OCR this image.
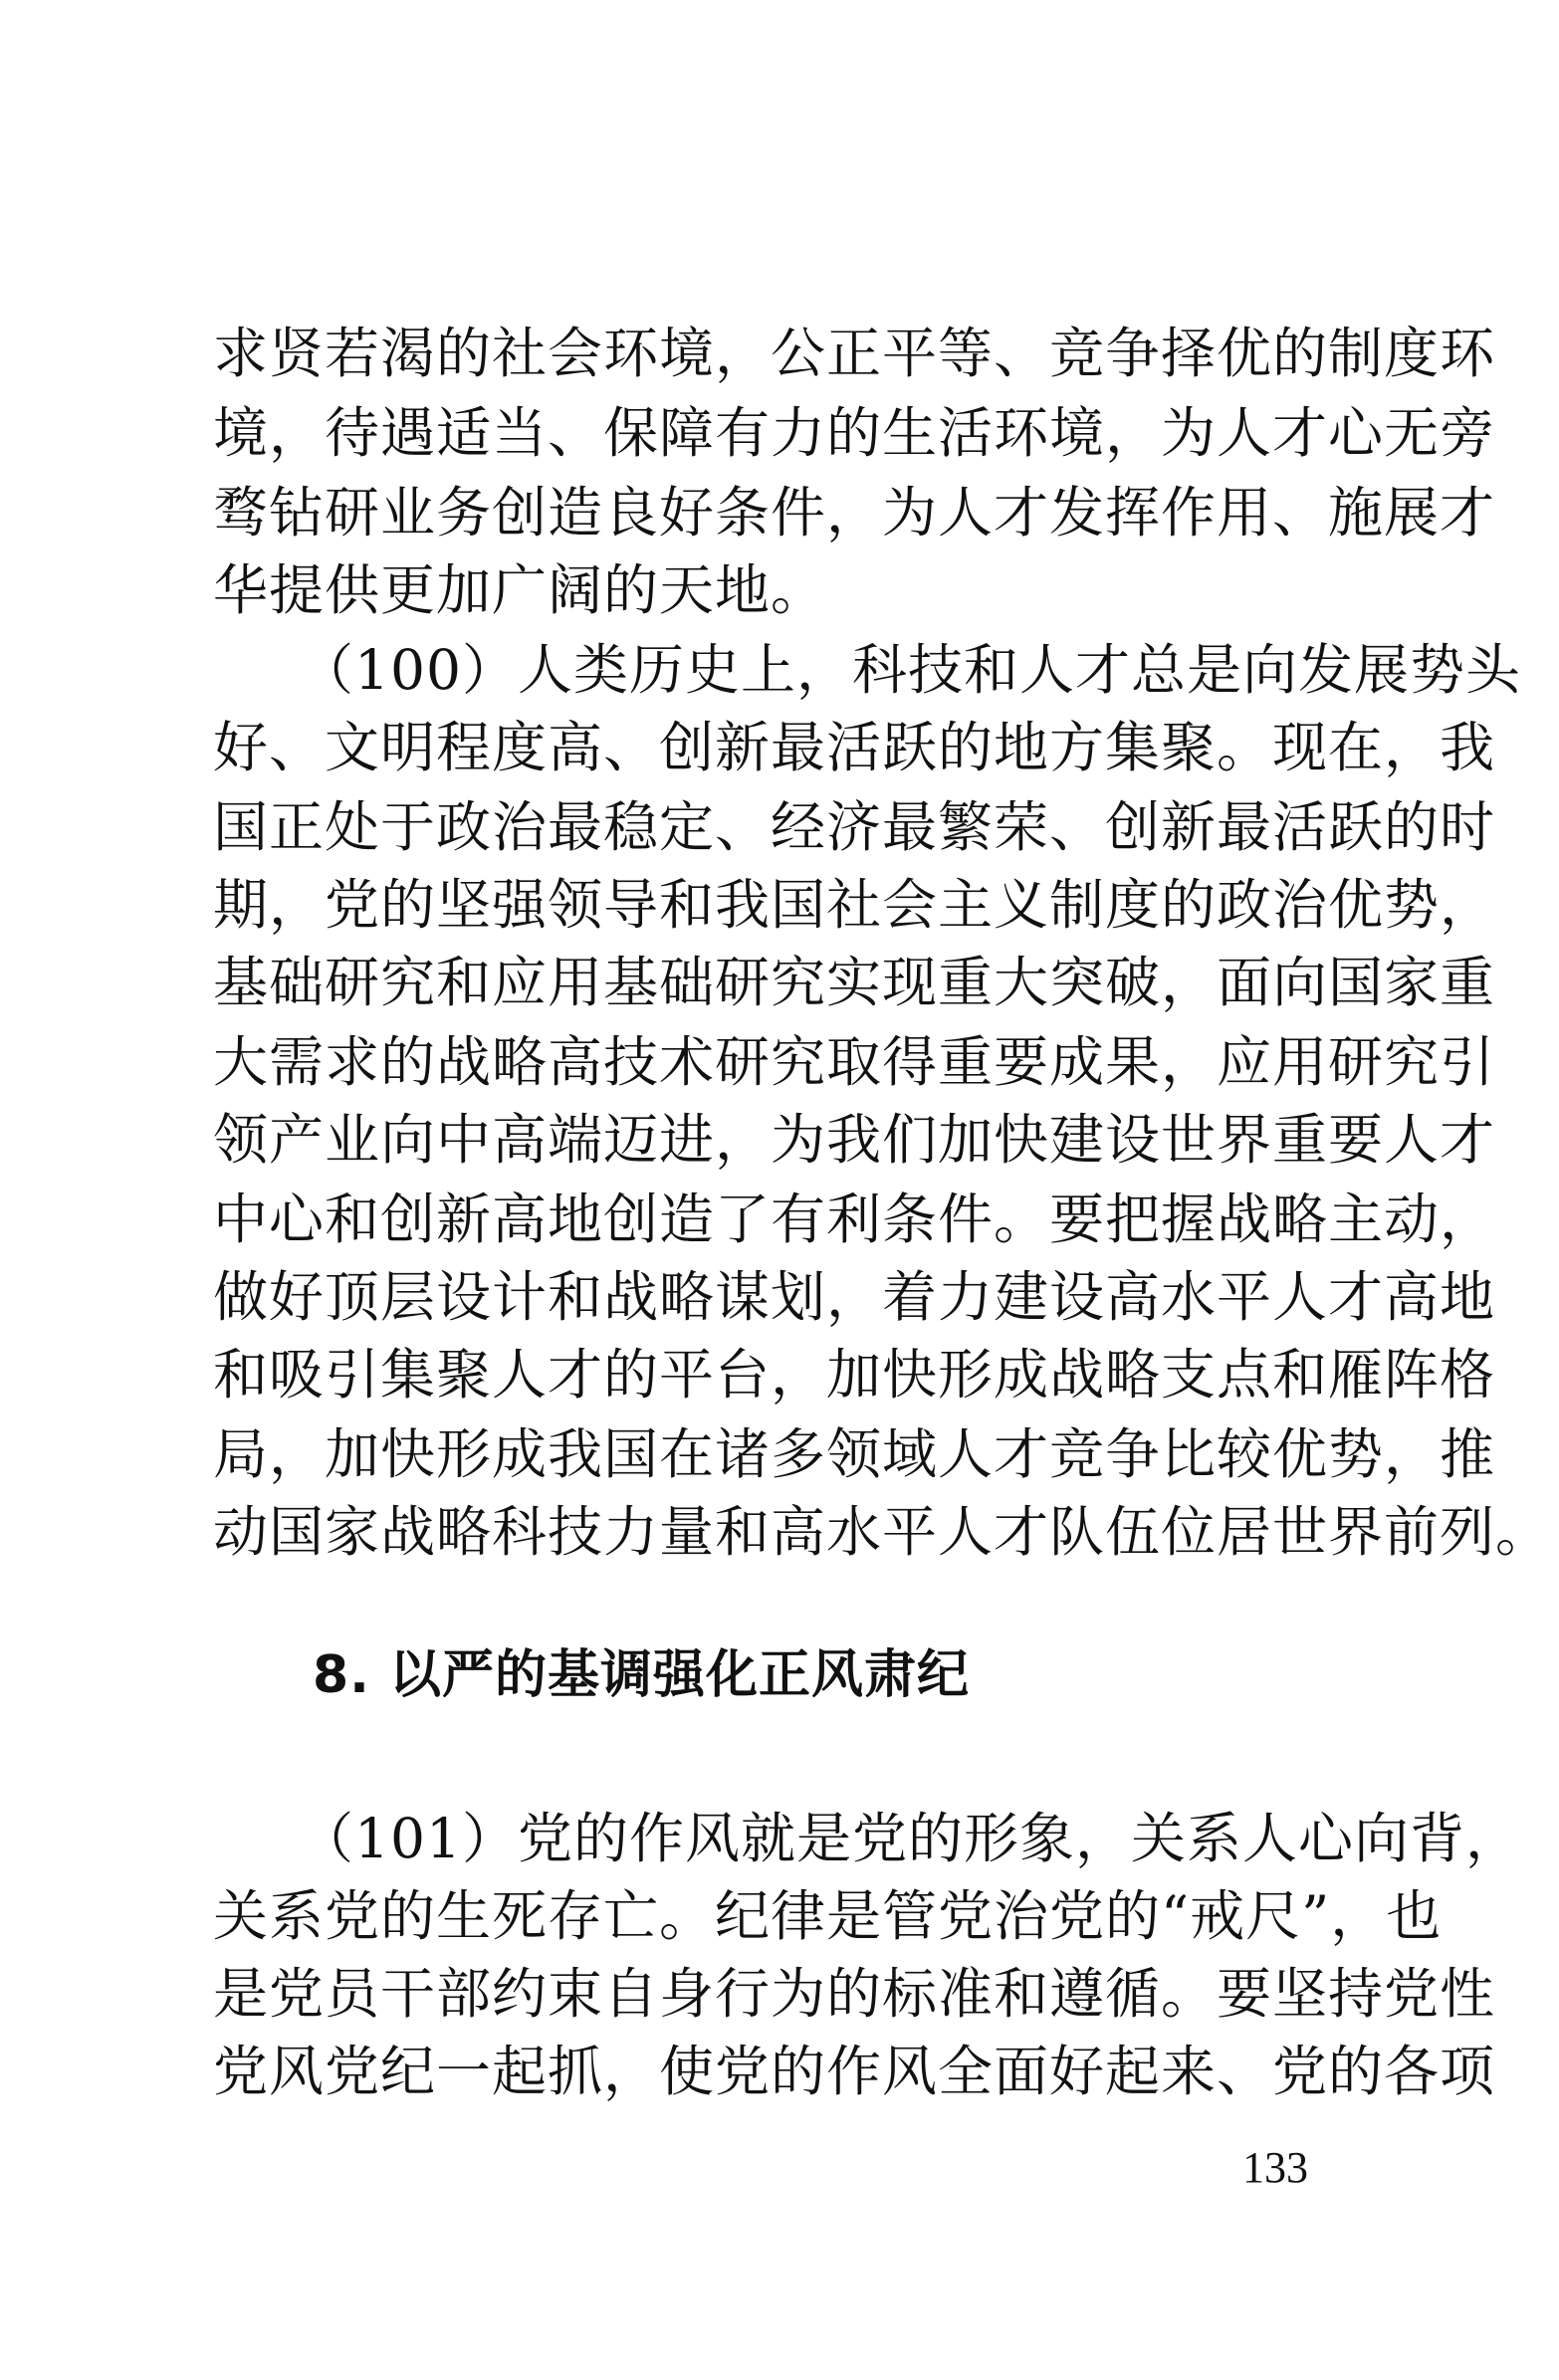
求贤若渴的社会环境，公正平等、竞争择优的制度环
境，待遇适当、保障有力的生活环境，为人才心无旁
骛钻研业务创造良好条件，为人才发挥作用、施展才
华提供更加广阔的天地。
（100）人类历史上，科技和人才总是向发展势头
好、文明程度高、创新最活跃的地方集聚。现在，我
国正处于政治最稳定、经济最繁荣、创新最活跃的时
期，党的坚强领导和我国社会主义制度的政治优势，
基础研究和应用基础研究实现重大突破，面向国家重
大需求的战略高技术研究取得重要成果，应用研究引
领产业向中高端迈进，为我们加快建设世界重要人才
中心和创新高地创造了有利条件。要把握战略主动，
做好顶层设计和战略谋划，着力建设高水平人才高地
和吸引集聚人才的平台，加快形成战略支点和雁阵格
局，加快形成我国在诸多领域人才竞争比较优势，推
动国家战略科技力量和高水平人才队伍位居世界前列。
8. 以严的基调强化正风肃纪
（101）党的作风就是党的形象，关系人心向背，
关系党的生死存亡。纪律是管党治党的“戒尺”，也
是党员干部约束自身行为的标准和遵循。要坚持党性
党风党纪一起抓，使党的作风全面好起来、党的各项
133
